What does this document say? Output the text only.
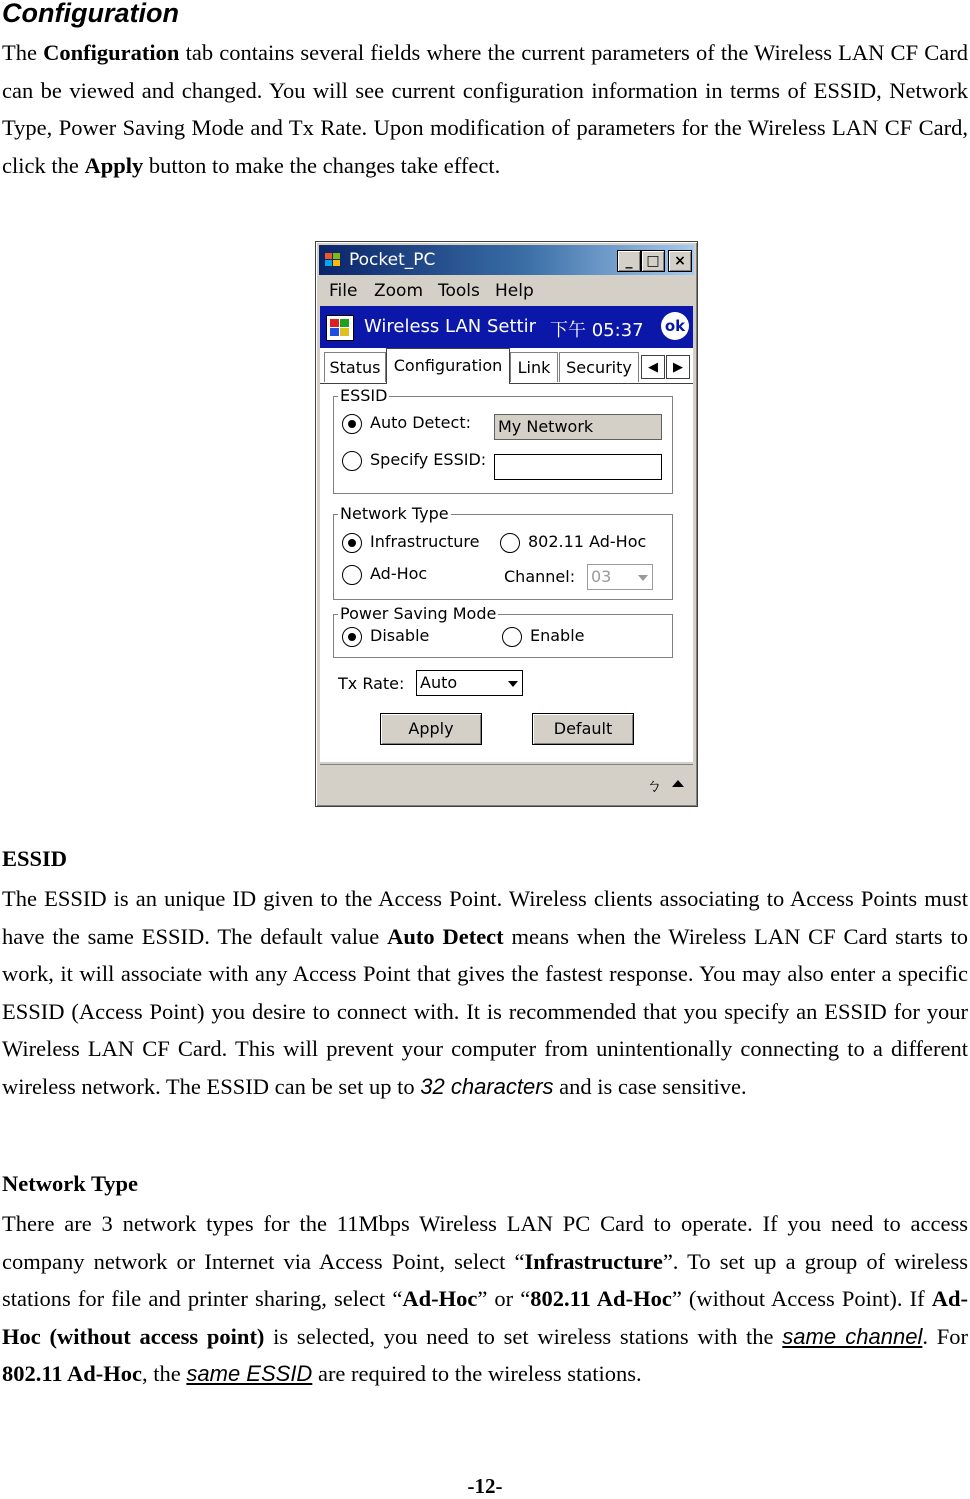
Configuration
The Configuration tab contains several fields where the current parameters of the Wireless LAN CF Card can be viewed and changed. You will see current configuration information in terms of ESSID, Network Type, Power Saving Mode and Tx Rate. Upon modification of parameters for the Wireless LAN CF Card, click the Apply button to make the changes take effect.
Pocket_PC	_ □	×
File Zoom Tools Help
Wireless LAN Settir 下午 05:37 ok
Status Configuration Link Security	◀	▶
ESSID
Auto Detect: My Network
Specify ESSID:
Network Type
Infrastructure	802.11 Ad-Hoc
Ad-Hoc	Channel: 03
Power Saving Mode
Disable	Enable
Tx Rate: Auto
Apply	Default
ㄅ
ESSID
The ESSID is an unique ID given to the Access Point. Wireless clients associating to Access Points must have the same ESSID. The default value Auto Detect means when the Wireless LAN CF Card starts to work, it will associate with any Access Point that gives the fastest response. You may also enter a specific ESSID (Access Point) you desire to connect with. It is recommended that you specify an ESSID for your Wireless LAN CF Card. This will prevent your computer from unintentionally connecting to a different wireless network. The ESSID can be set up to 32 characters and is case sensitive.
Network Type
There are 3 network types for the 11Mbps Wireless LAN PC Card to operate. If you need to access company network or Internet via Access Point, select “Infrastructure”. To set up a group of wireless stations for file and printer sharing, select “Ad-Hoc” or “802.11 Ad-Hoc” (without Access Point). If Ad-Hoc (without access point) is selected, you need to set wireless stations with the same channel. For 802.11 Ad-Hoc, the same ESSID are required to the wireless stations.
-12-
